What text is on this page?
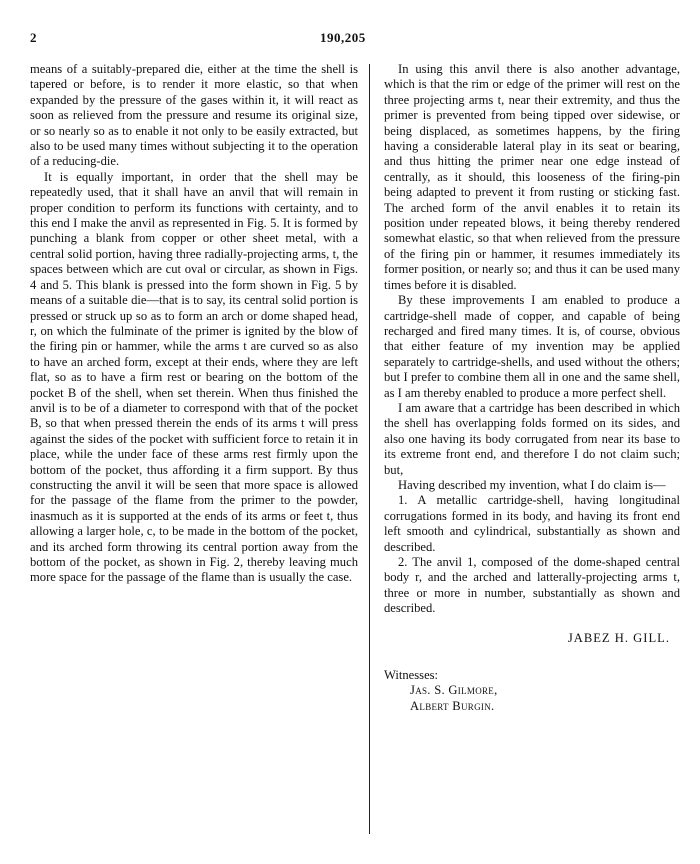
2	190,205

means of a suitably-prepared die, either at the time the shell is tapered or before, is to render it more elastic, so that when expanded by the pressure of the gases within it, it will react as soon as relieved from the pressure and resume its original size, or so nearly so as to enable it not only to be easily extracted, but also to be used many times without subjecting it to the operation of a reducing-die.

It is equally important, in order that the shell may be repeatedly used, that it shall have an anvil that will remain in proper condition to perform its functions with certainty, and to this end I make the anvil as represented in Fig. 5. It is formed by punching a blank from copper or other sheet metal, with a central solid portion, having three radially-projecting arms, t, the spaces between which are cut oval or circular, as shown in Figs. 4 and 5. This blank is pressed into the form shown in Fig. 5 by means of a suitable die—that is to say, its central solid portion is pressed or struck up so as to form an arch or dome shaped head, r, on which the fulminate of the primer is ignited by the blow of the firing pin or hammer, while the arms t are curved so as also to have an arched form, except at their ends, where they are left flat, so as to have a firm rest or bearing on the bottom of the pocket B of the shell, when set therein. When thus finished the anvil is to be of a diameter to correspond with that of the pocket B, so that when pressed therein the ends of its arms t will press against the sides of the pocket with sufficient force to retain it in place, while the under face of these arms rest firmly upon the bottom of the pocket, thus affording it a firm support. By thus constructing the anvil it will be seen that more space is allowed for the passage of the flame from the primer to the powder, inasmuch as it is supported at the ends of its arms or feet t, thus allowing a larger hole, c, to be made in the bottom of the pocket, and its arched form throwing its central portion away from the bottom of the pocket, as shown in Fig. 2, thereby leaving much more space for the passage of the flame than is usually the case.

In using this anvil there is also another advantage, which is that the rim or edge of the primer will rest on the three projecting arms t, near their extremity, and thus the primer is prevented from being tipped over sidewise, or being displaced, as sometimes happens, by the firing having a considerable lateral play in its seat or bearing, and thus hitting the primer near one edge instead of centrally, as it should, this looseness of the firing-pin being adapted to prevent it from rusting or sticking fast. The arched form of the anvil enables it to retain its position under repeated blows, it being thereby rendered somewhat elastic, so that when relieved from the pressure of the firing pin or hammer, it resumes immediately its former position, or nearly so; and thus it can be used many times before it is disabled.

By these improvements I am enabled to produce a cartridge-shell made of copper, and capable of being recharged and fired many times. It is, of course, obvious that either feature of my invention may be applied separately to cartridge-shells, and used without the others; but I prefer to combine them all in one and the same shell, as I am thereby enabled to produce a more perfect shell.

I am aware that a cartridge has been described in which the shell has overlapping folds formed on its sides, and also one having its body corrugated from near its base to its extreme front end, and therefore I do not claim such; but,

Having described my invention, what I do claim is—

1. A metallic cartridge-shell, having longitudinal corrugations formed in its body, and having its front end left smooth and cylindrical, substantially as shown and described.

2. The anvil 1, composed of the dome-shaped central body r, and the arched and latterally-projecting arms t, three or more in number, substantially as shown and described.

JABEZ H. GILL.

Witnesses:

Jas. S. Gilmore,

Albert Burgin.
